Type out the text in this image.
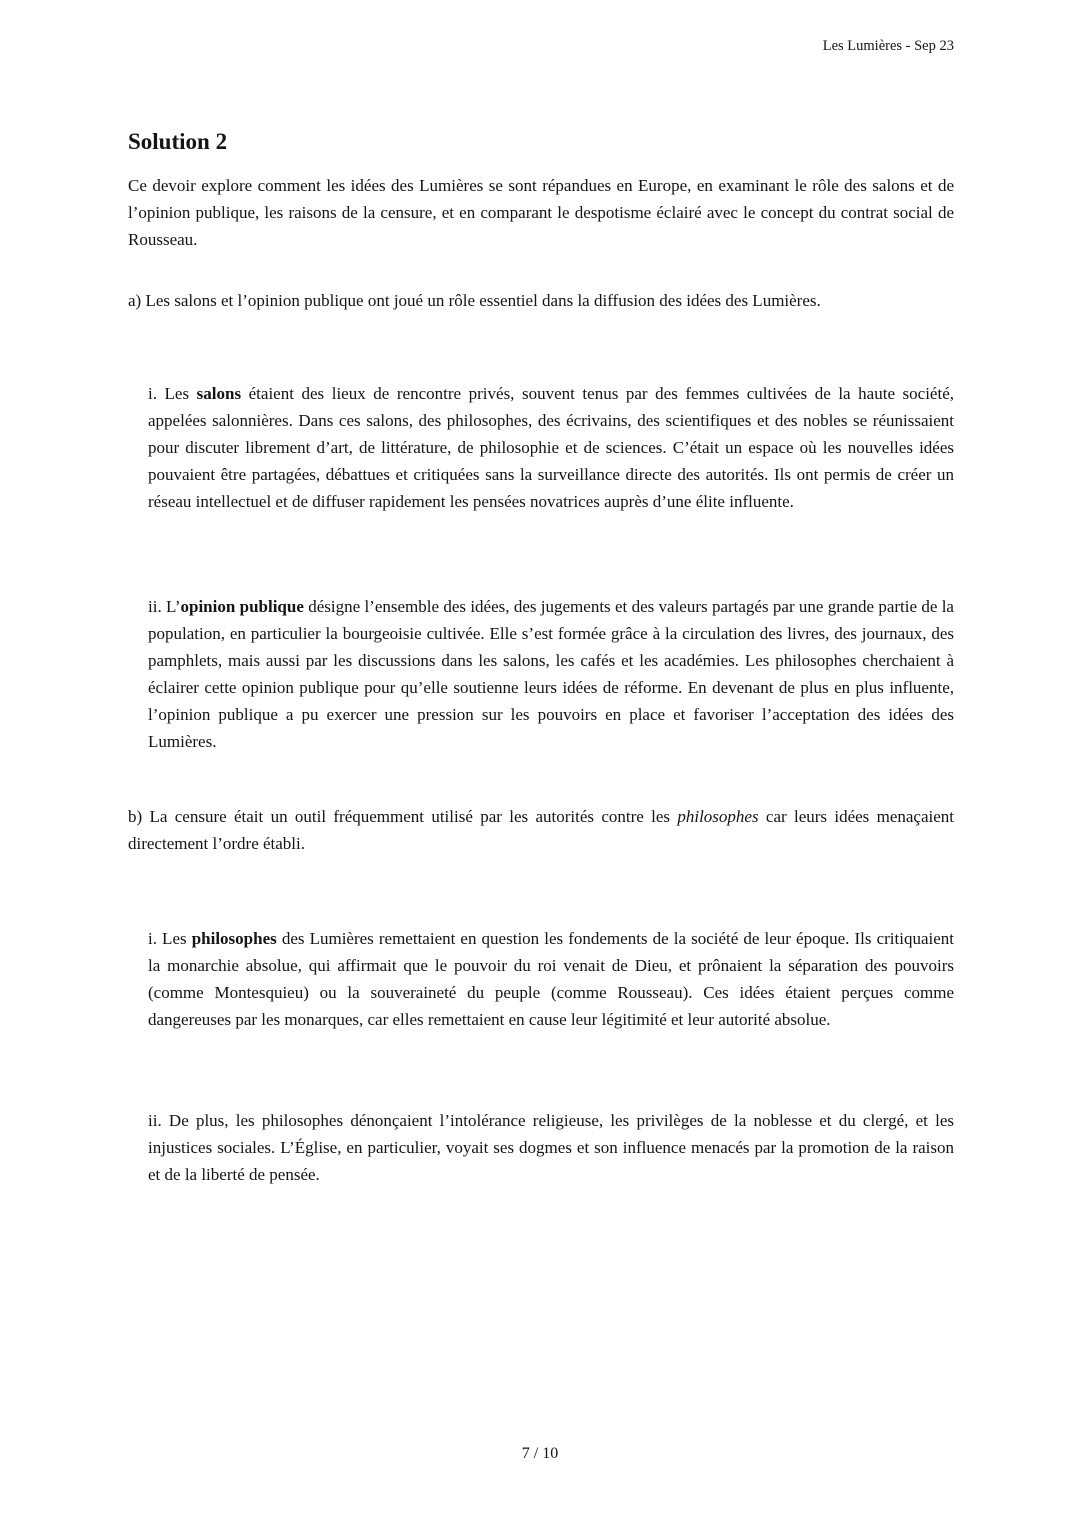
Les Lumières - Sep 23
Solution 2

Ce devoir explore comment les idées des Lumières se sont répandues en Europe, en examinant le rôle des salons et de l’opinion publique, les raisons de la censure, et en comparant le despotisme éclairé avec le concept du contrat social de Rousseau.

a) Les salons et l’opinion publique ont joué un rôle essentiel dans la diffusion des idées des Lumières.

i. Les salons étaient des lieux de rencontre privés, souvent tenus par des femmes cultivées de la haute société, appelées salonnières. Dans ces salons, des philosophes, des écrivains, des scientifiques et des nobles se réunissaient pour discuter librement d’art, de littérature, de philosophie et de sciences. C’était un espace où les nouvelles idées pouvaient être partagées, débattues et critiquées sans la surveillance directe des autorités. Ils ont permis de créer un réseau intellectuel et de diffuser rapidement les pensées novatrices auprès d’une élite influente.

ii. L’opinion publique désigne l’ensemble des idées, des jugements et des valeurs partagés par une grande partie de la population, en particulier la bourgeoisie cultivée. Elle s’est formée grâce à la circulation des livres, des journaux, des pamphlets, mais aussi par les discussions dans les salons, les cafés et les académies. Les philosophes cherchaient à éclairer cette opinion publique pour qu’elle soutienne leurs idées de réforme. En devenant de plus en plus influente, l’opinion publique a pu exercer une pression sur les pouvoirs en place et favoriser l’acceptation des idées des Lumières.

b) La censure était un outil fréquemment utilisé par les autorités contre les philosophes car leurs idées menaçaient directement l’ordre établi.

i. Les philosophes des Lumières remettaient en question les fondements de la société de leur époque. Ils critiquaient la monarchie absolue, qui affirmait que le pouvoir du roi venait de Dieu, et prônaient la séparation des pouvoirs (comme Montesquieu) ou la souveraineté du peuple (comme Rousseau). Ces idées étaient perçues comme dangereuses par les monarques, car elles remettaient en cause leur légitimité et leur autorité absolue.

ii. De plus, les philosophes dénonçaient l’intolérance religieuse, les privilèges de la noblesse et du clergé, et les injustices sociales. L’Église, en particulier, voyait ses dogmes et son influence menacés par la promotion de la raison et de la liberté de pensée.

7 / 10
